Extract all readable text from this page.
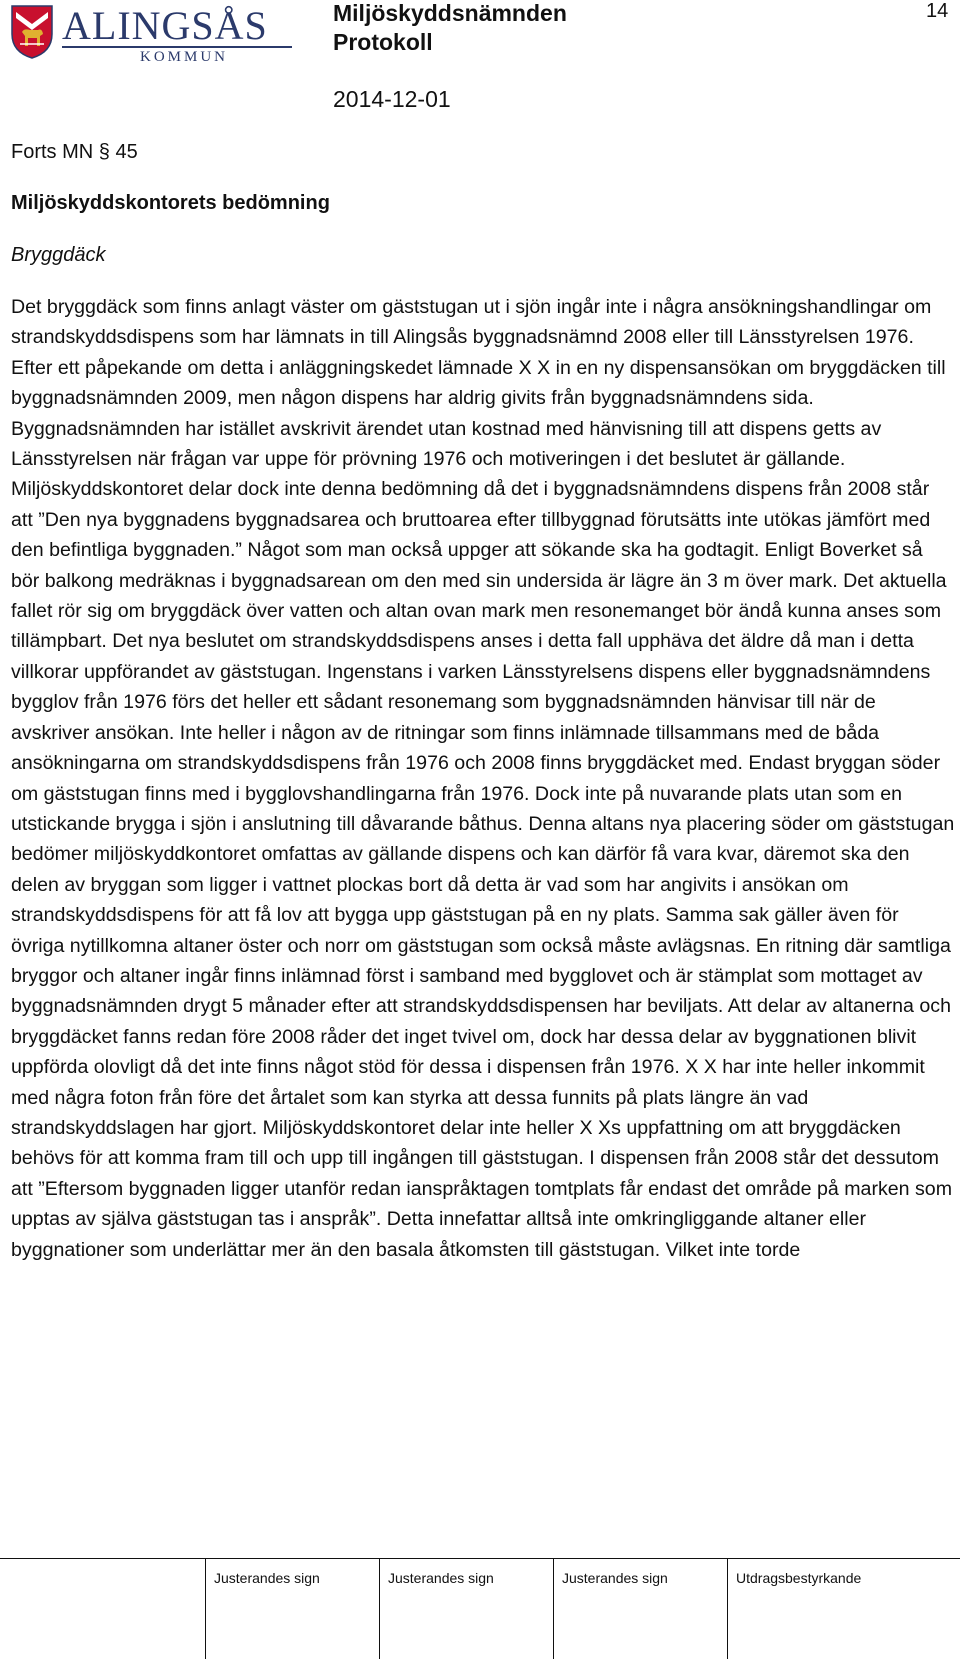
ALINGSÅS
KOMMUN
Miljöskyddsnämnden
Protokoll
2014-12-01
14
Forts MN § 45
Miljöskyddskontorets bedömning
Bryggdäck

Det bryggdäck som finns anlagt väster om gäststugan ut i sjön ingår inte i några ansökningshandlingar om strandskyddsdispens som har lämnats in till Alingsås byggnadsnämnd 2008 eller till Länsstyrelsen 1976. Efter ett påpekande om detta i anläggningskedet lämnade X X in en ny dispensansökan om bryggdäcken till byggnadsnämnden 2009, men någon dispens har aldrig givits från byggnadsnämndens sida. Byggnadsnämnden har istället avskrivit ärendet utan kostnad med hänvisning till att dispens getts av Länsstyrelsen när frågan var uppe för prövning 1976 och motiveringen i det beslutet är gällande. Miljöskyddskontoret delar dock inte denna bedömning då det i byggnadsnämndens dispens från 2008 står att ”Den nya byggnadens byggnadsarea och bruttoarea efter tillbyggnad förutsätts inte utökas jämfört med den befintliga byggnaden.” Något som man också uppger att sökande ska ha godtagit. Enligt Boverket så bör balkong medräknas i byggnadsarean om den med sin undersida är lägre än 3 m över mark. Det aktuella fallet rör sig om bryggdäck över vatten och altan ovan mark men resonemanget bör ändå kunna anses som tillämpbart. Det nya beslutet om strandskyddsdispens anses i detta fall upphäva det äldre då man i detta villkorar uppförandet av gäststugan. Ingenstans i varken Länsstyrelsens dispens eller byggnadsnämndens bygglov från 1976 förs det heller ett sådant resonemang som byggnadsnämnden hänvisar till när de avskriver ansökan. Inte heller i någon av de ritningar som finns inlämnade tillsammans med de båda ansökningarna om strandskyddsdispens från 1976 och 2008 finns bryggdäcket med. Endast bryggan söder om gäststugan finns med i bygglovshandlingarna från 1976. Dock inte på nuvarande plats utan som en utstickande brygga i sjön i anslutning till dåvarande båthus. Denna altans nya placering söder om gäststugan bedömer miljöskyddkontoret omfattas av gällande dispens och kan därför få vara kvar, däremot ska den delen av bryggan som ligger i vattnet plockas bort då detta är vad som har angivits i ansökan om strandskyddsdispens för att få lov att bygga upp gäststugan på en ny plats. Samma sak gäller även för övriga nytillkomna altaner öster och norr om gäststugan som också måste avlägsnas. En ritning där samtliga bryggor och altaner ingår finns inlämnad först i samband med bygglovet och är stämplat som mottaget av byggnadsnämnden drygt 5 månader efter att strandskyddsdispensen har beviljats. Att delar av altanerna och bryggdäcket fanns redan före 2008 råder det inget tvivel om, dock har dessa delar av byggnationen blivit uppförda olovligt då det inte finns något stöd för dessa i dispensen från 1976. X X har inte heller inkommit med några foton från före det årtalet som kan styrka att dessa funnits på plats längre än vad strandskyddslagen har gjort. Miljöskyddskontoret delar inte heller X Xs uppfattning om att bryggdäcken behövs för att komma fram till och upp till ingången till gäststugan. I dispensen från 2008 står det dessutom att ”Eftersom byggnaden ligger utanför redan ianspråktagen tomtplats får endast det område på marken som upptas av själva gäststugan tas i anspråk”. Detta innefattar alltså inte omkringliggande altaner eller byggnationer som underlättar mer än den basala åtkomsten till gäststugan. Vilket inte torde

Justerandes sign	Justerandes sign	Justerandes sign	Utdragsbestyrkande
